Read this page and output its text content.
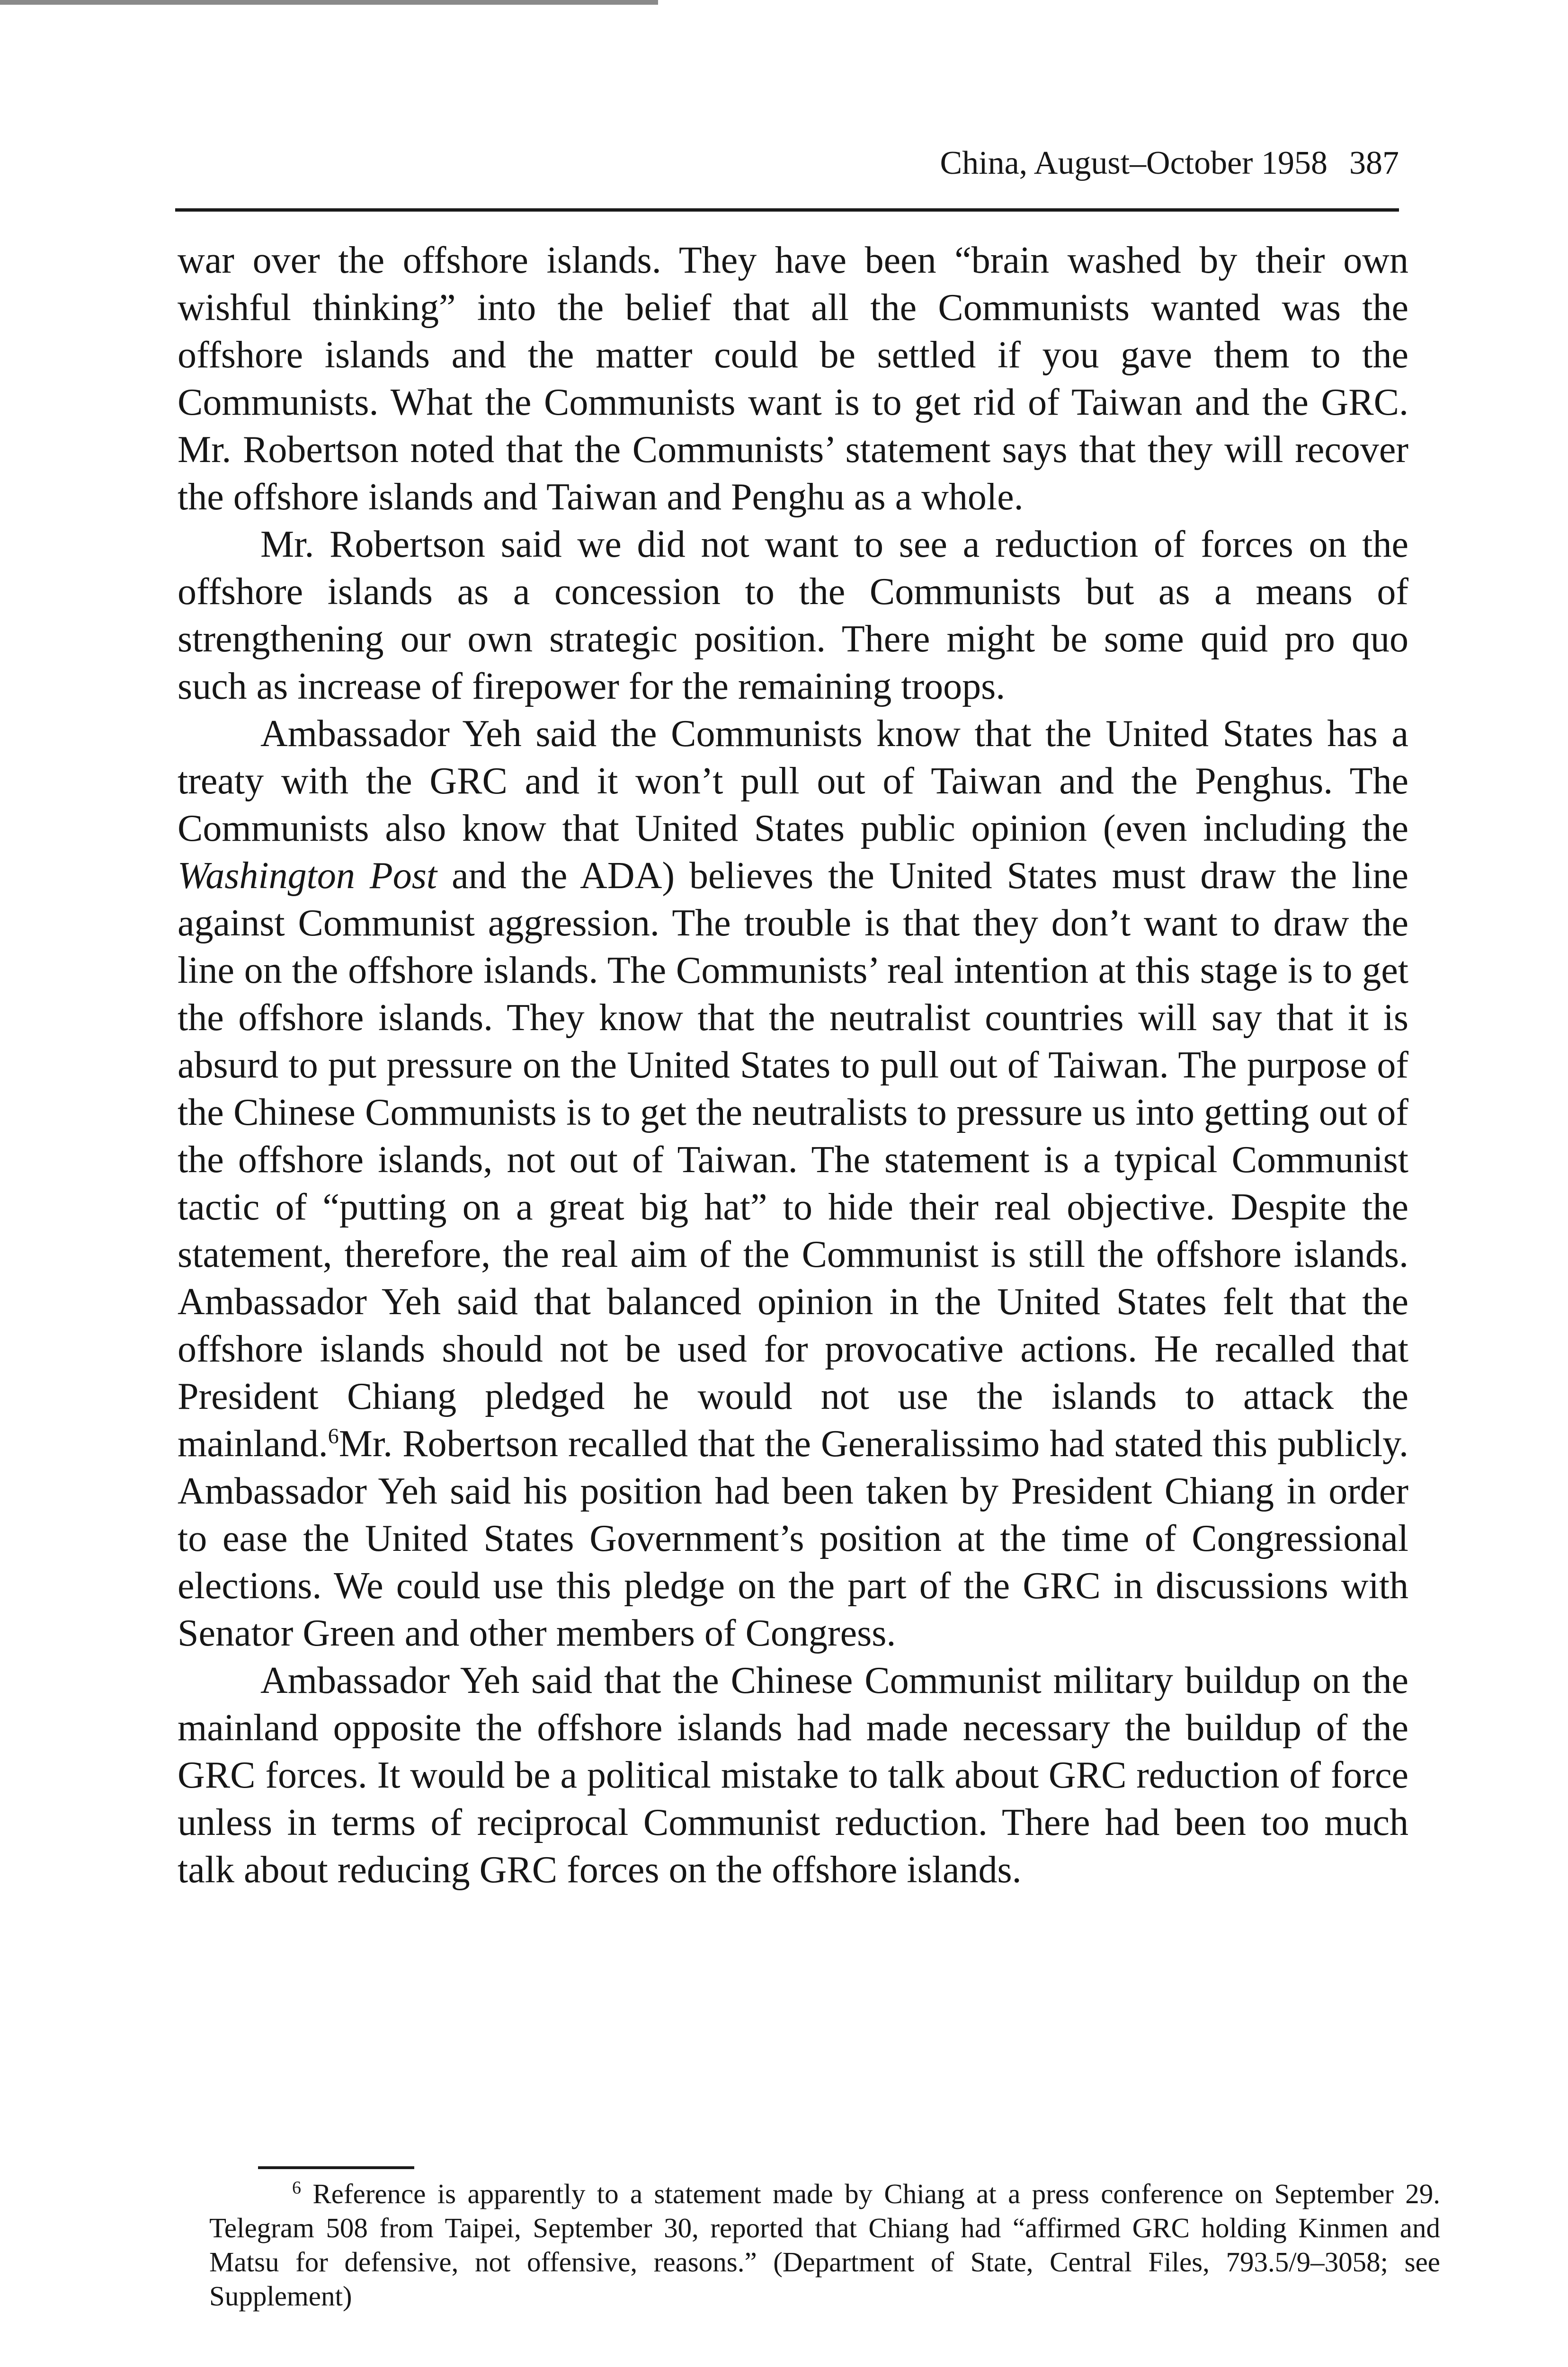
China, August–October 1958 387

war over the offshore islands. They have been “brain washed by their own wishful thinking” into the belief that all the Communists wanted was the offshore islands and the matter could be settled if you gave them to the Communists. What the Communists want is to get rid of Taiwan and the GRC. Mr. Robertson noted that the Communists’ statement says that they will recover the offshore islands and Taiwan and Penghu as a whole.

Mr. Robertson said we did not want to see a reduction of forces on the offshore islands as a concession to the Communists but as a means of strengthening our own strategic position. There might be some quid pro quo such as increase of firepower for the remaining troops.

Ambassador Yeh said the Communists know that the United States has a treaty with the GRC and it won’t pull out of Taiwan and the Penghus. The Communists also know that United States public opinion (even including the Washington Post and the ADA) believes the United States must draw the line against Communist aggression. The trouble is that they don’t want to draw the line on the offshore islands. The Communists’ real intention at this stage is to get the offshore islands. They know that the neutralist countries will say that it is absurd to put pressure on the United States to pull out of Taiwan. The purpose of the Chinese Communists is to get the neutralists to pressure us into getting out of the offshore islands, not out of Taiwan. The statement is a typical Communist tactic of “putting on a great big hat” to hide their real objective. Despite the statement, therefore, the real aim of the Communist is still the offshore islands. Ambassador Yeh said that balanced opinion in the United States felt that the offshore islands should not be used for provocative actions. He recalled that President Chiang pledged he would not use the islands to attack the mainland.$^6$Mr. Robertson recalled that the Generalissimo had stated this publicly. Ambassador Yeh said his position had been taken by President Chiang in order to ease the United States Government’s position at the time of Congressional elections. We could use this pledge on the part of the GRC in discussions with Senator Green and other members of Congress.

Ambassador Yeh said that the Chinese Communist military buildup on the mainland opposite the offshore islands had made necessary the buildup of the GRC forces. It would be a political mistake to talk about GRC reduction of force unless in terms of reciprocal Communist reduction. There had been too much talk about reducing GRC forces on the offshore islands.

$^6$ Reference is apparently to a statement made by Chiang at a press conference on September 29. Telegram 508 from Taipei, September 30, reported that Chiang had “affirmed GRC holding Kinmen and Matsu for defensive, not offensive, reasons.” (Department of State, Central Files, 793.5/9–3058; see Supplement)
